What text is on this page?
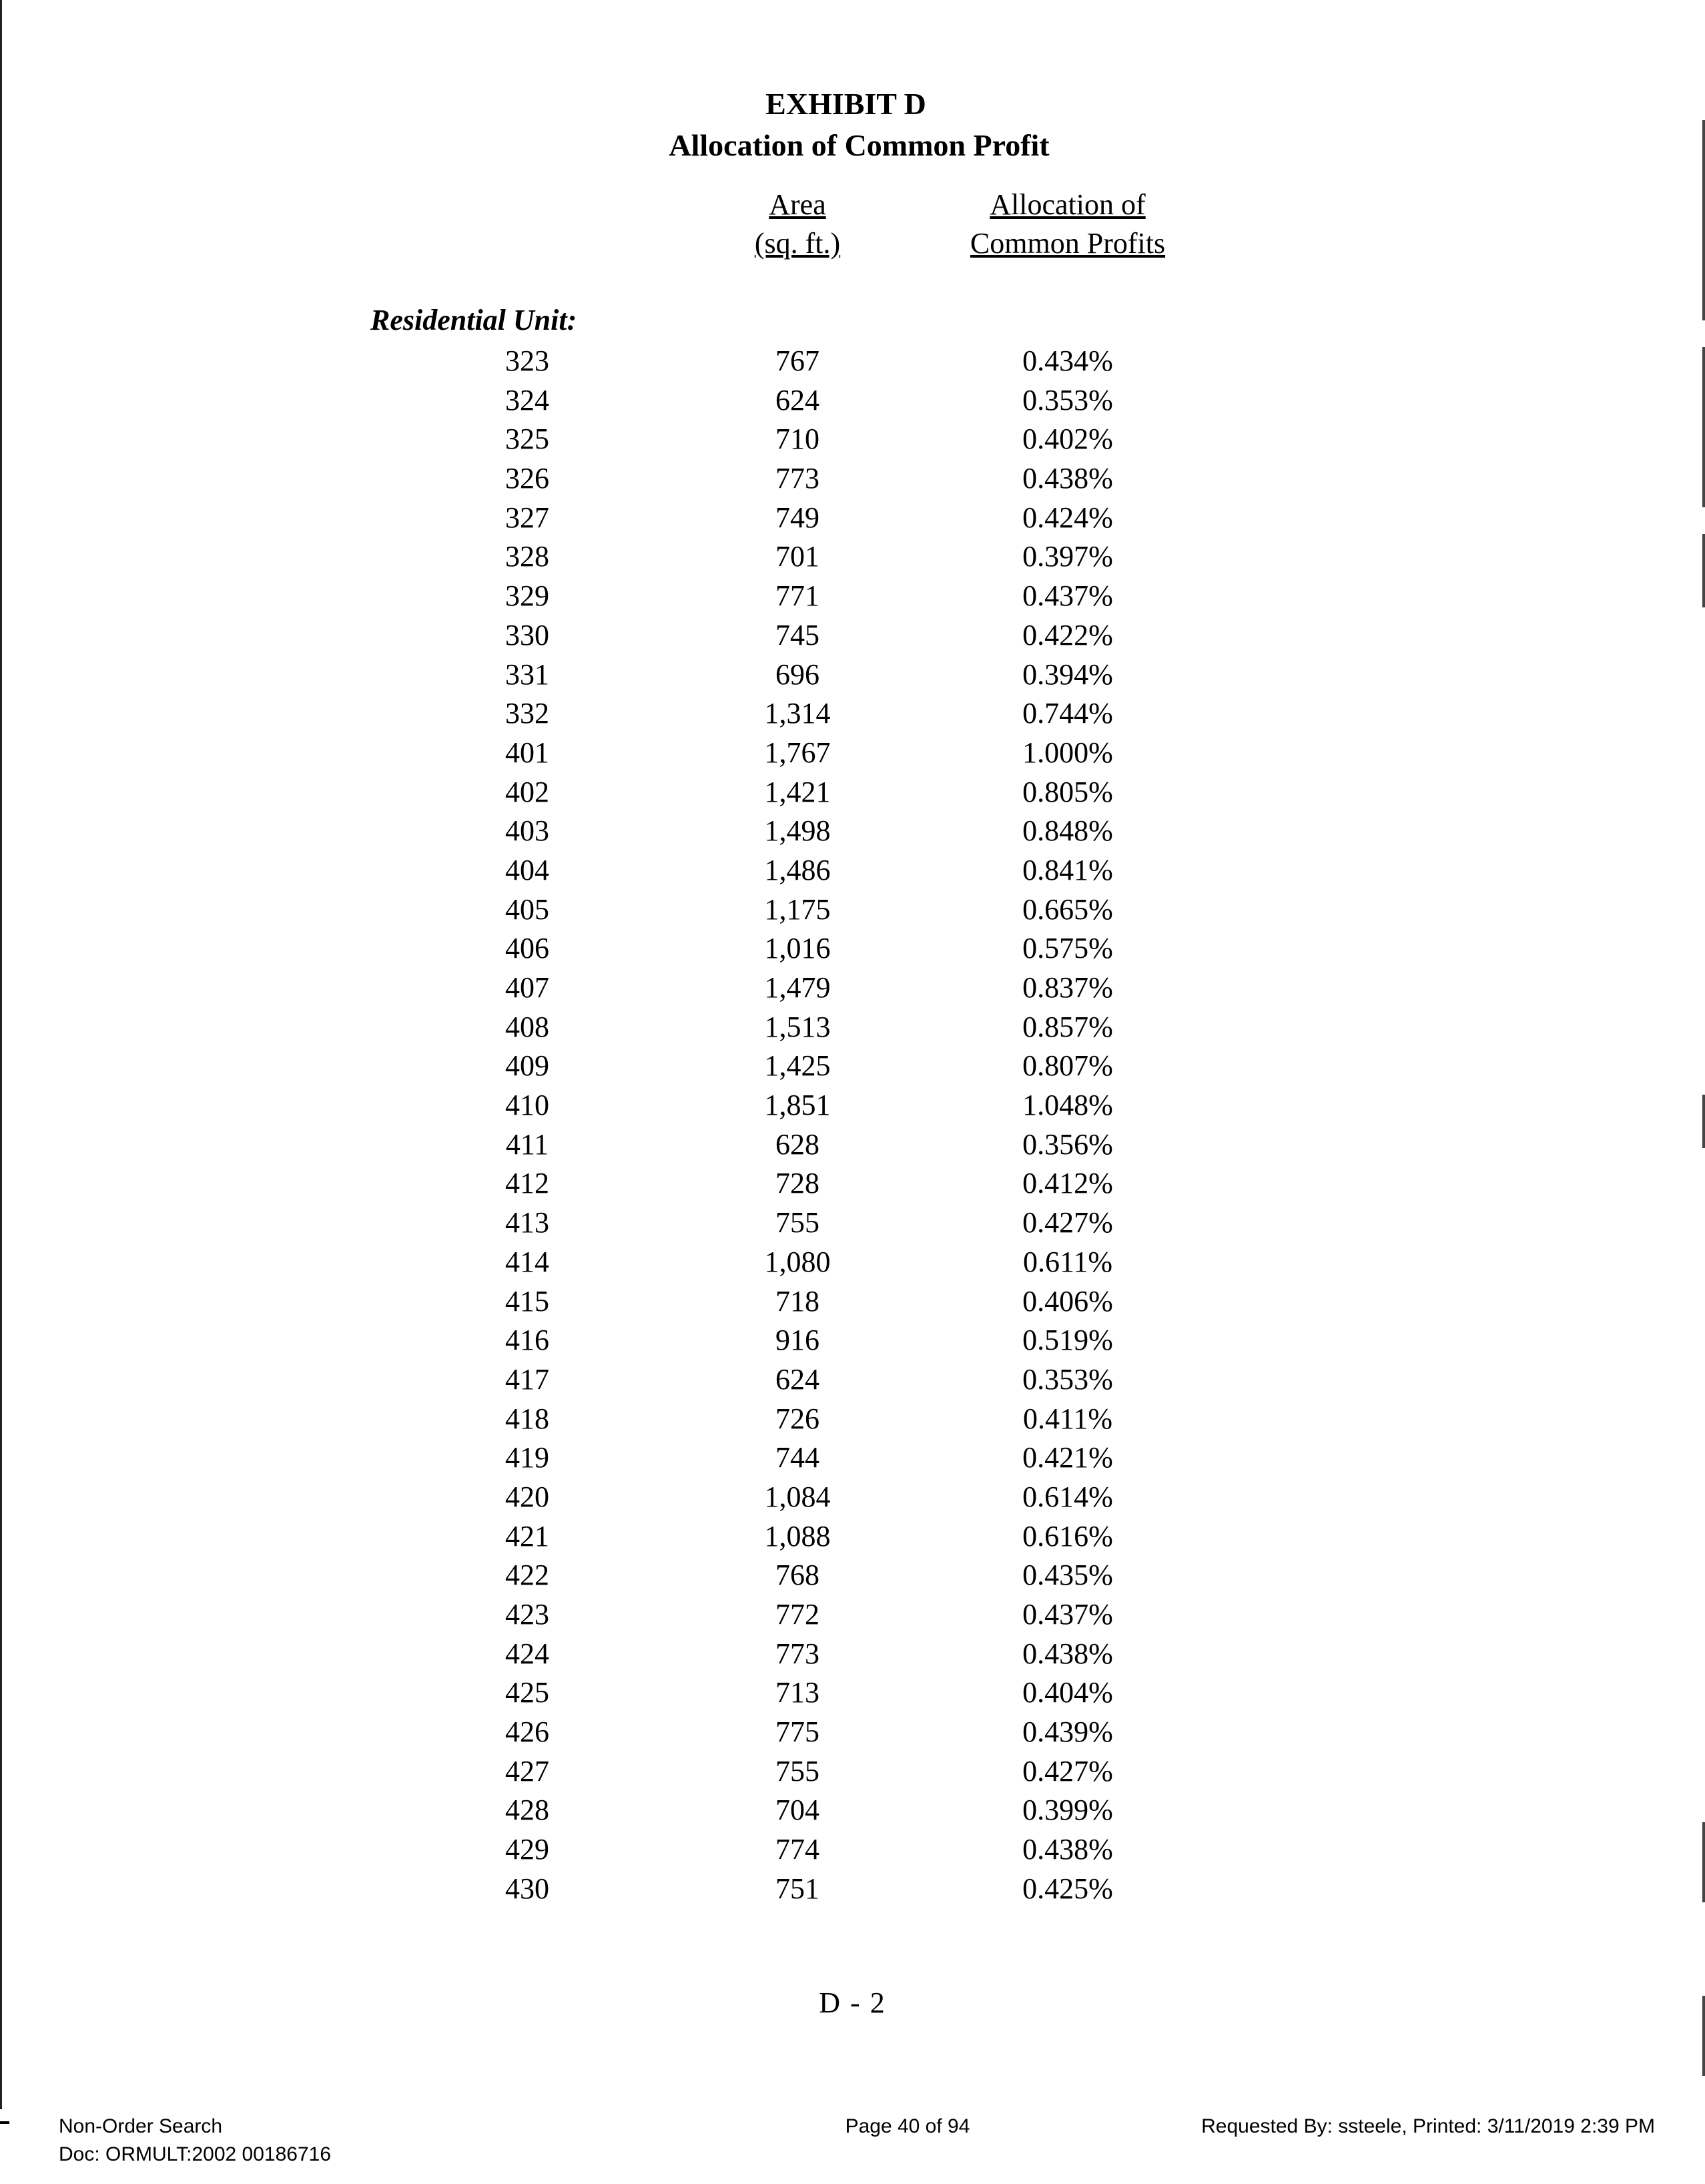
EXHIBIT D
Allocation of Common Profit
Area
(sq. ft.)
Allocation of
Common Profits
Residential Unit:
323	767	0.434%
324	624	0.353%
325	710	0.402%
326	773	0.438%
327	749	0.424%
328	701	0.397%
329	771	0.437%
330	745	0.422%
331	696	0.394%
332	1,314	0.744%
401	1,767	1.000%
402	1,421	0.805%
403	1,498	0.848%
404	1,486	0.841%
405	1,175	0.665%
406	1,016	0.575%
407	1,479	0.837%
408	1,513	0.857%
409	1,425	0.807%
410	1,851	1.048%
411	628	0.356%
412	728	0.412%
413	755	0.427%
414	1,080	0.611%
415	718	0.406%
416	916	0.519%
417	624	0.353%
418	726	0.411%
419	744	0.421%
420	1,084	0.614%
421	1,088	0.616%
422	768	0.435%
423	772	0.437%
424	773	0.438%
425	713	0.404%
426	775	0.439%
427	755	0.427%
428	704	0.399%
429	774	0.438%
430	751	0.425%
D - 2
Non-Order Search
Doc: ORMULT:2002 00186716
Page 40 of 94	Requested By: ssteele, Printed: 3/11/2019 2:39 PM
